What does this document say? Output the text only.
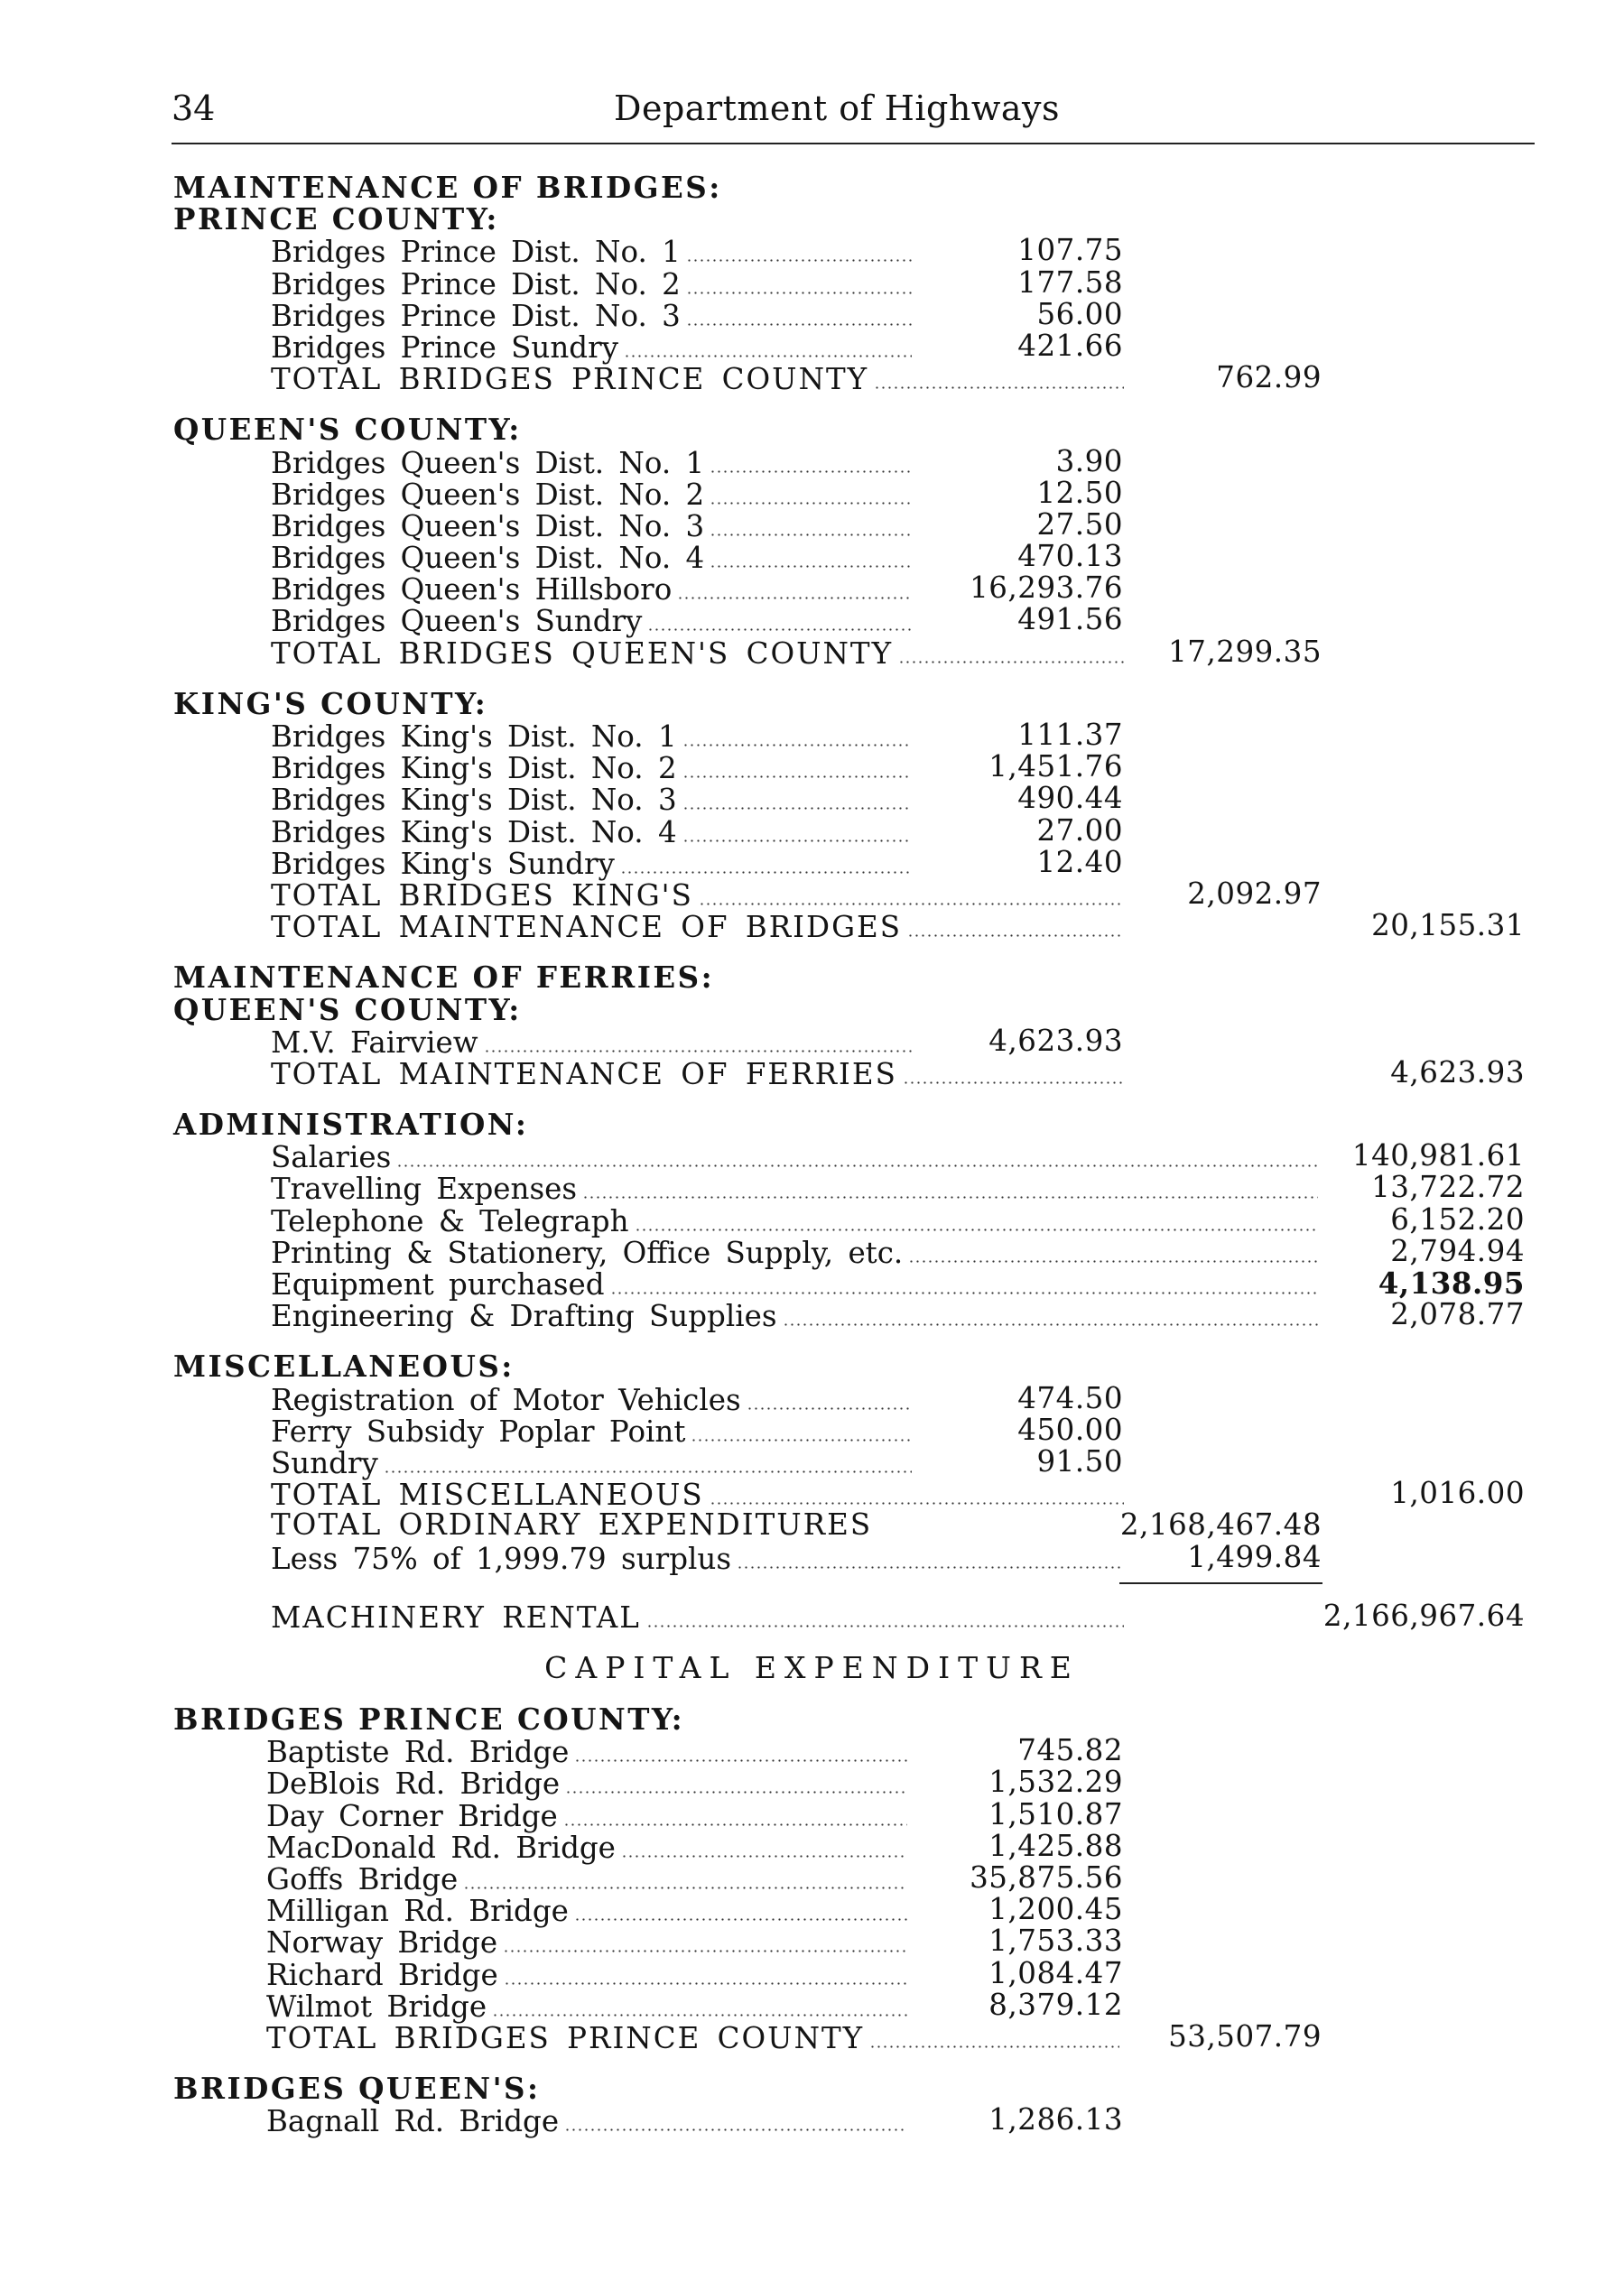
34	Department of Highways
MAINTENANCE OF BRIDGES:
PRINCE COUNTY:
Bridges Prince Dist. No. 1	107.75
Bridges Prince Dist. No. 2	177.58
Bridges Prince Dist. No. 3	56.00
Bridges Prince Sundry	421.66
TOTAL BRIDGES PRINCE COUNTY	762.99
QUEEN'S COUNTY:
Bridges Queen's Dist. No. 1	3.90
Bridges Queen's Dist. No. 2	12.50
Bridges Queen's Dist. No. 3	27.50
Bridges Queen's Dist. No. 4	470.13
Bridges Queen's Hillsboro	16,293.76
Bridges Queen's Sundry	491.56
TOTAL BRIDGES QUEEN'S COUNTY	17,299.35
KING'S COUNTY:
Bridges King's Dist. No. 1	111.37
Bridges King's Dist. No. 2	1,451.76
Bridges King's Dist. No. 3	490.44
Bridges King's Dist. No. 4	27.00
Bridges King's Sundry	12.40
TOTAL BRIDGES KING'S	2,092.97
TOTAL MAINTENANCE OF BRIDGES	20,155.31
MAINTENANCE OF FERRIES:
QUEEN'S COUNTY:
M.V. Fairview	4,623.93
TOTAL MAINTENANCE OF FERRIES	4,623.93
ADMINISTRATION:
Salaries	140,981.61
Travelling Expenses	13,722.72
Telephone & Telegraph	6,152.20
Printing & Stationery, Office Supply, etc.	2,794.94
Equipment purchased	4,138.95
Engineering & Drafting Supplies	2,078.77
MISCELLANEOUS:
Registration of Motor Vehicles	474.50
Ferry Subsidy Poplar Point	450.00
Sundry	91.50
TOTAL MISCELLANEOUS	1,016.00
TOTAL ORDINARY EXPENDITURES	2,168,467.48
Less 75% of 1,999.79 surplus	1,499.84
MACHINERY RENTAL	2,166,967.64
CAPITAL EXPENDITURE
BRIDGES PRINCE COUNTY:
Baptiste Rd. Bridge	745.82
DeBlois Rd. Bridge	1,532.29
Day Corner Bridge	1,510.87
MacDonald Rd. Bridge	1,425.88
Goffs Bridge	35,875.56
Milligan Rd. Bridge	1,200.45
Norway Bridge	1,753.33
Richard Bridge	1,084.47
Wilmot Bridge	8,379.12
TOTAL BRIDGES PRINCE COUNTY	53,507.79
BRIDGES QUEEN'S:
Bagnall Rd. Bridge	1,286.13
